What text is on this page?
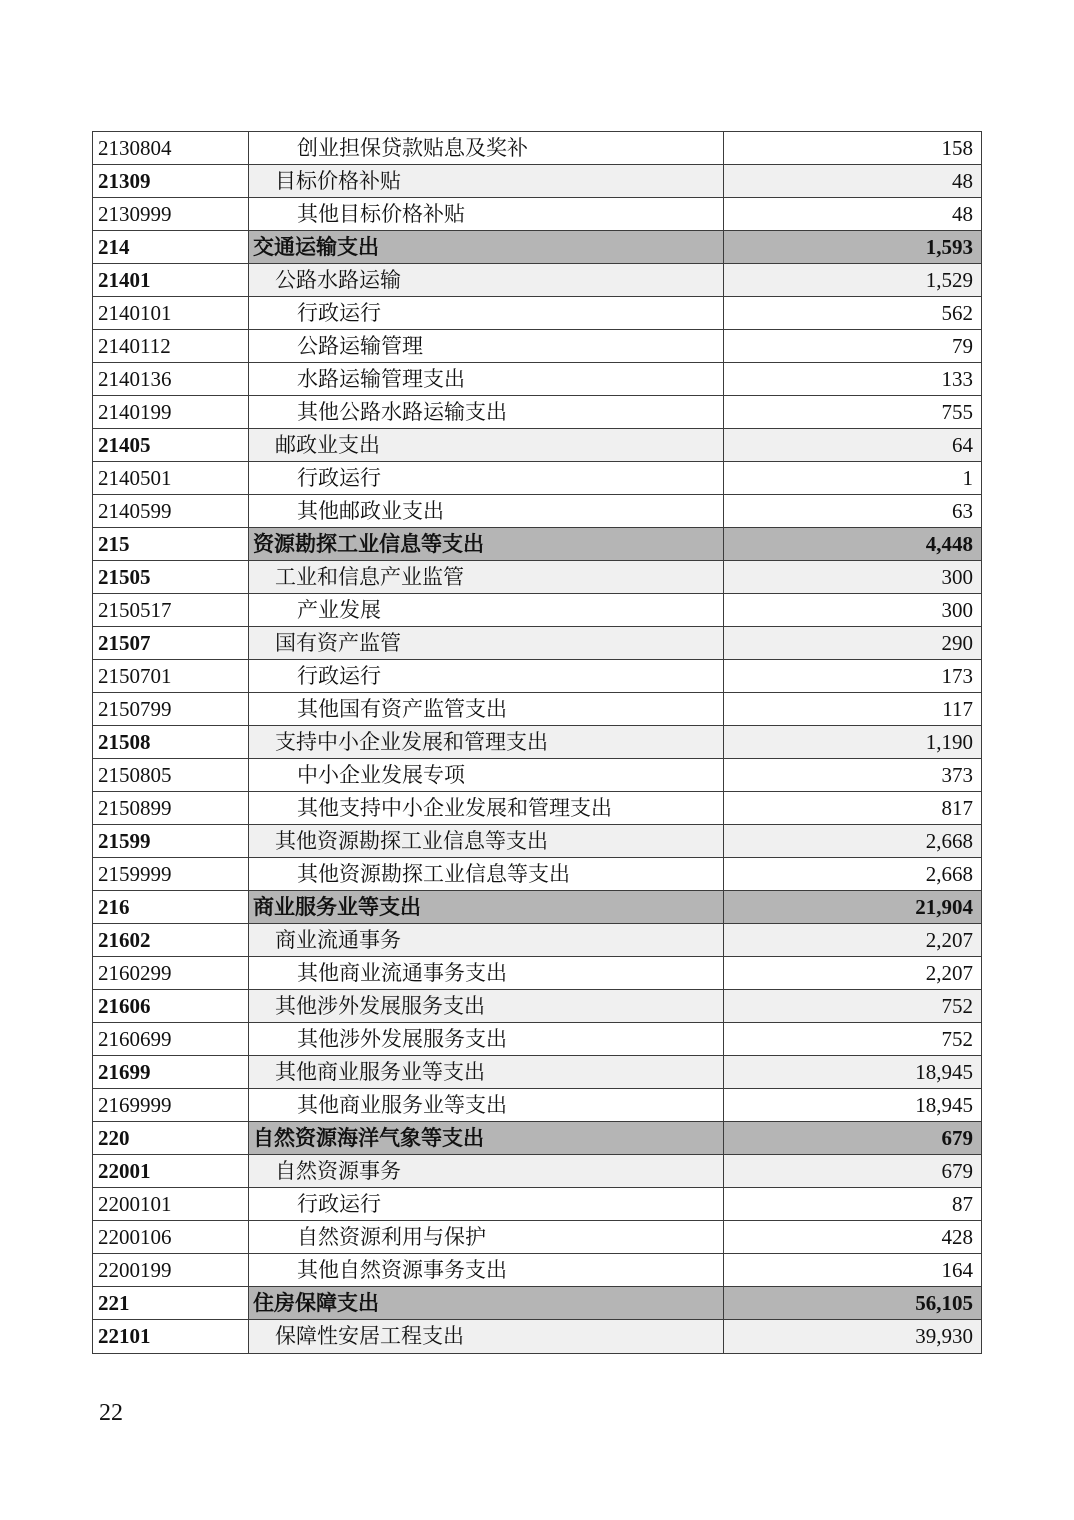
2130804	创业担保贷款贴息及奖补	158
21309	目标价格补贴	48
2130999	其他目标价格补贴	48
214	交通运输支出	1,593
21401	公路水路运输	1,529
2140101	行政运行	562
2140112	公路运输管理	79
2140136	水路运输管理支出	133
2140199	其他公路水路运输支出	755
21405	邮政业支出	64
2140501	行政运行	1
2140599	其他邮政业支出	63
215	资源勘探工业信息等支出	4,448
21505	工业和信息产业监管	300
2150517	产业发展	300
21507	国有资产监管	290
2150701	行政运行	173
2150799	其他国有资产监管支出	117
21508	支持中小企业发展和管理支出	1,190
2150805	中小企业发展专项	373
2150899	其他支持中小企业发展和管理支出	817
21599	其他资源勘探工业信息等支出	2,668
2159999	其他资源勘探工业信息等支出	2,668
216	商业服务业等支出	21,904
21602	商业流通事务	2,207
2160299	其他商业流通事务支出	2,207
21606	其他涉外发展服务支出	752
2160699	其他涉外发展服务支出	752
21699	其他商业服务业等支出	18,945
2169999	其他商业服务业等支出	18,945
220	自然资源海洋气象等支出	679
22001	自然资源事务	679
2200101	行政运行	87
2200106	自然资源利用与保护	428
2200199	其他自然资源事务支出	164
221	住房保障支出	56,105
22101	保障性安居工程支出	39,930
22
